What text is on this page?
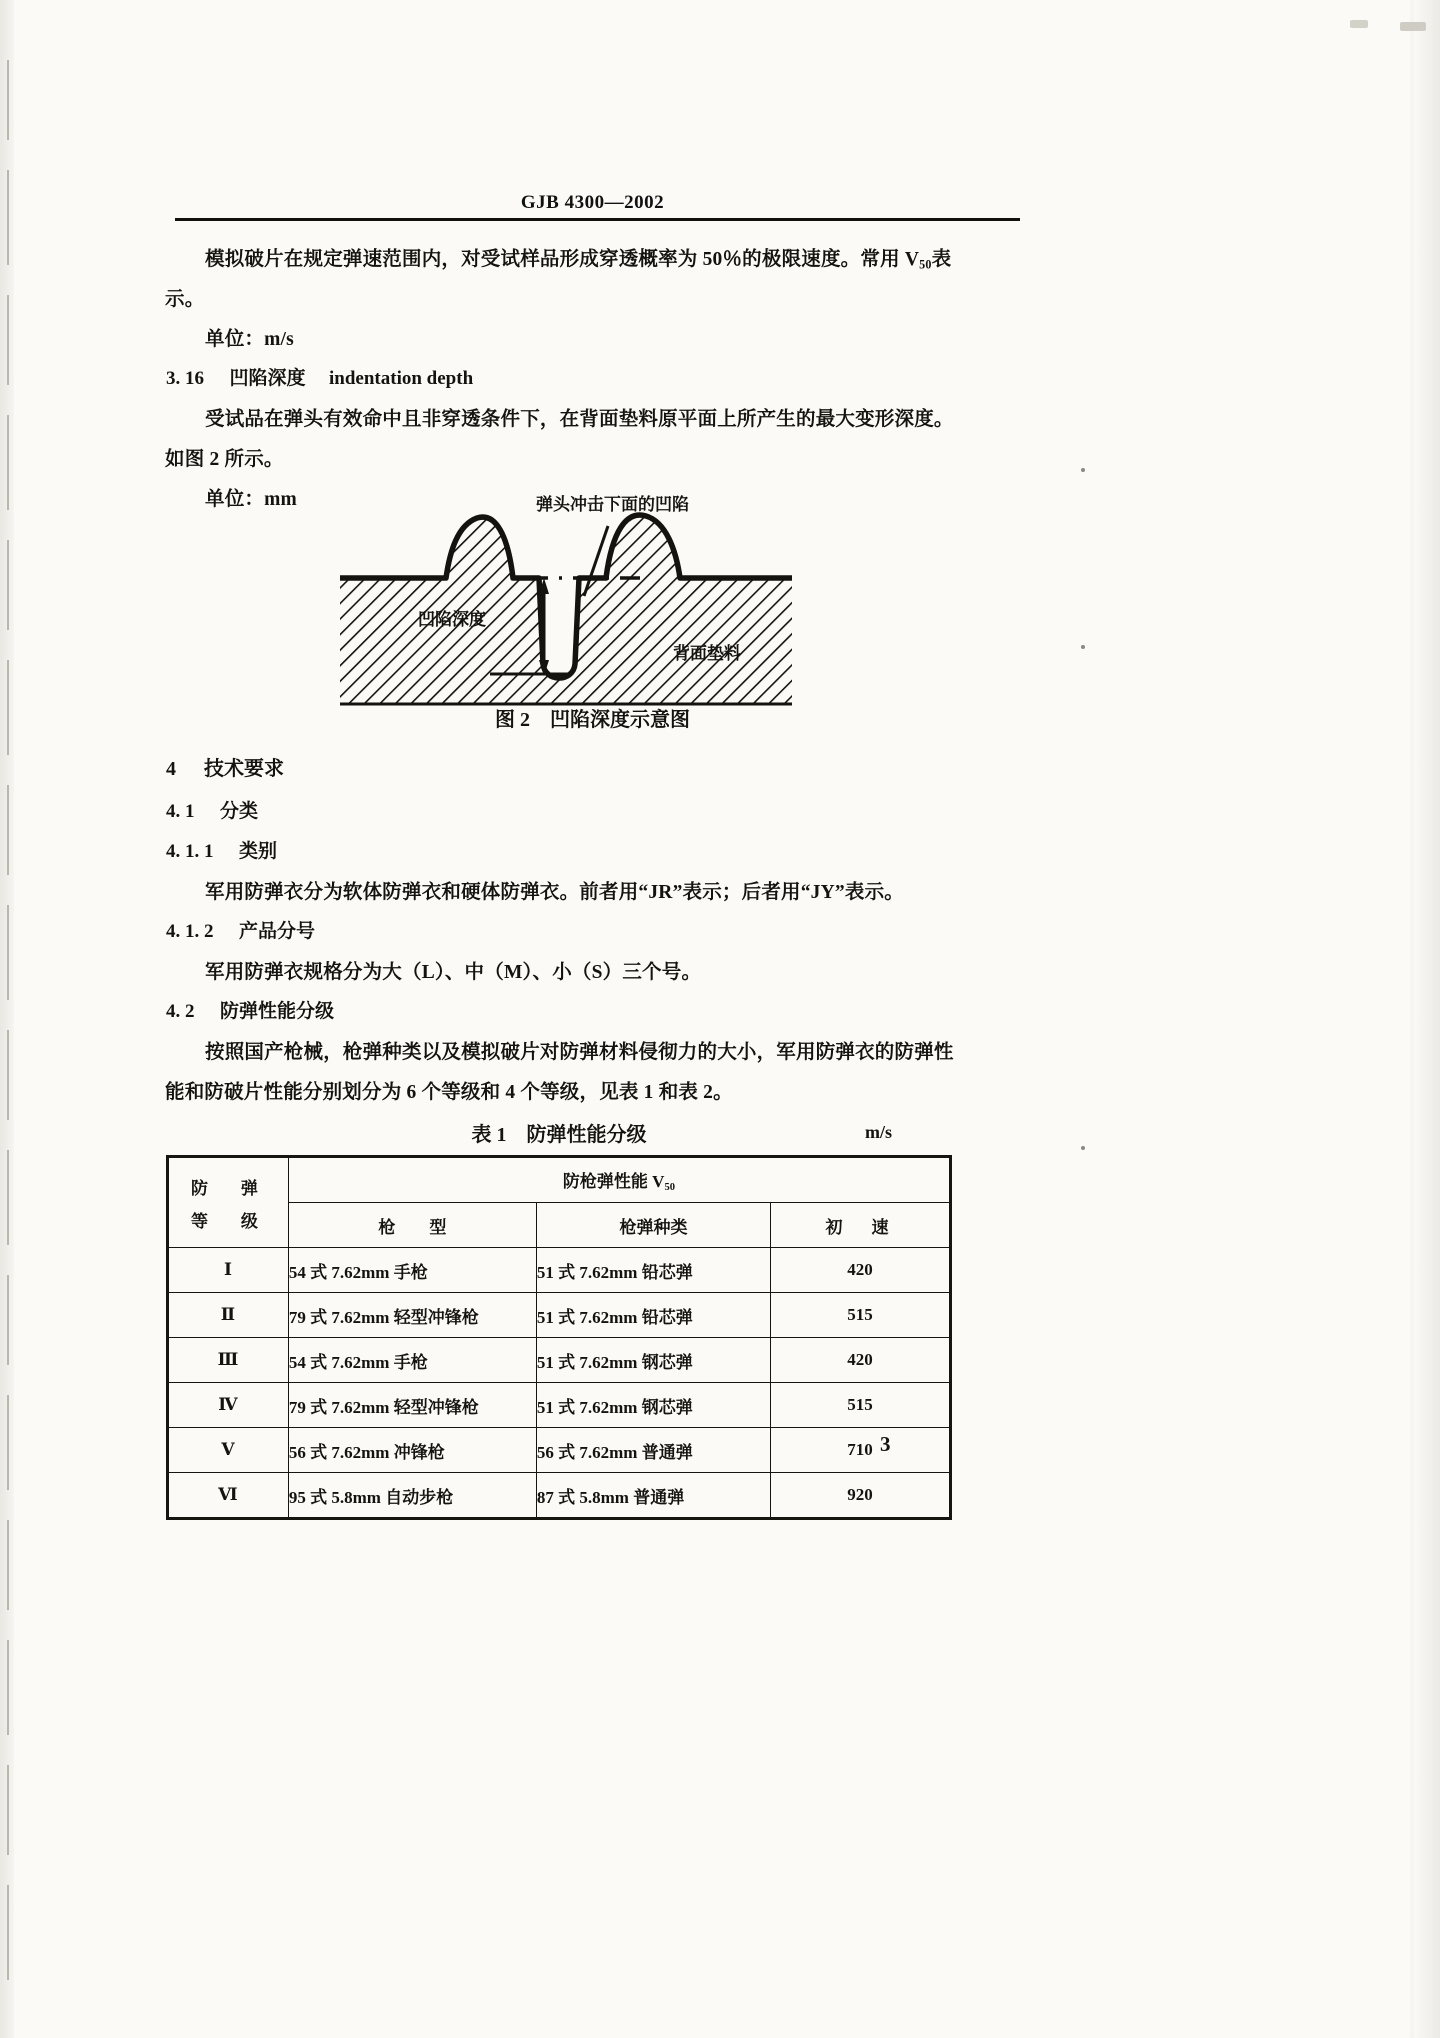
GJB 4300—2002
模拟破片在规定弹速范围内，对受试样品形成穿透概率为 50％的极限速度。常用 $V_{50}$表
示。
单位：m/s
3. 16 凹陷深度 indentation depth
受试品在弹头有效命中且非穿透条件下，在背面垫料原平面上所产生的最大变形深度。
如图 2 所示。
单位：mm	弹头冲击下面的凹陷
凹陷深度
背面垫料
图 2　凹陷深度示意图
4 技术要求
4. 1 分类
4. 1. 1 类别
军用防弹衣分为软体防弹衣和硬体防弹衣。前者用“JR”表示；后者用“JY”表示。
4. 1. 2 产品分号
军用防弹衣规格分为大（L）、中（M）、小（S）三个号。
4. 2 防弹性能分级
按照国产枪械，枪弹种类以及模拟破片对防弹材料侵彻力的大小，军用防弹衣的防弹性
能和防破片性能分别划分为 6 个等级和 4 个等级，见表 1 和表 2。
表 1　防弹性能分级	m/s
防　弹
等　级	防枪弹性能 $V_{50}$
	枪　　型	枪弹种类	初　速
Ⅰ	54 式 7.62mm 手枪	51 式 7.62mm 铅芯弹	420
Ⅱ	79 式 7.62mm 轻型冲锋枪	51 式 7.62mm 铅芯弹	515
Ⅲ	54 式 7.62mm 手枪	51 式 7.62mm 钢芯弹	420
Ⅳ	79 式 7.62mm 轻型冲锋枪	51 式 7.62mm 钢芯弹	515
Ⅴ	56 式 7.62mm 冲锋枪	56 式 7.62mm 普通弹	710
Ⅵ	95 式 5.8mm 自动步枪	87 式 5.8mm 普通弹	920
3
